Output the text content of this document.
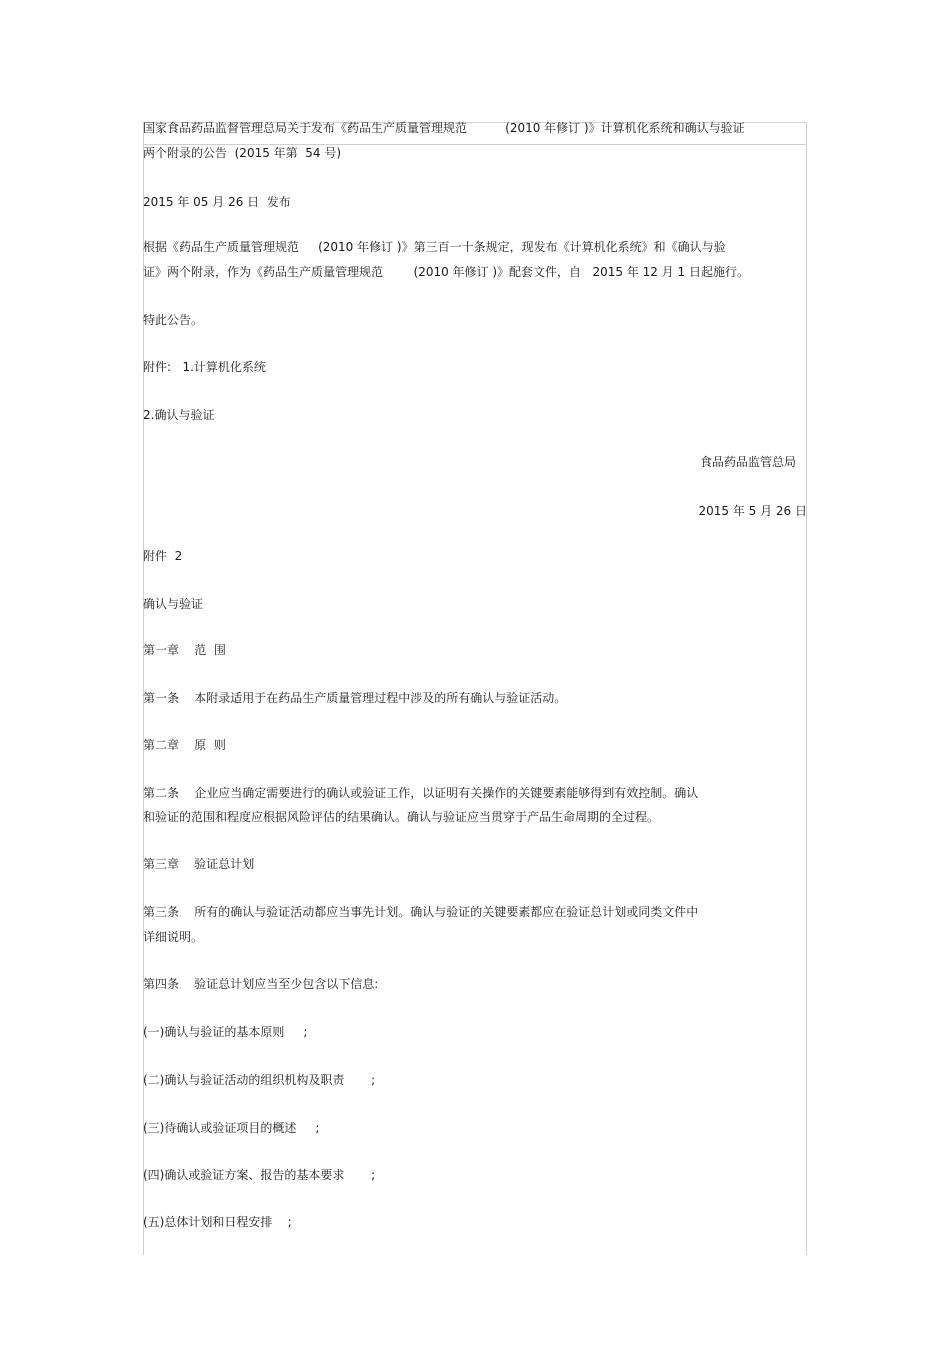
国家食品药品监督管理总局关于发布《药品生产质量管理规范          (2010 年修订 )》计算机化系统和确认与验证
两个附录的公告  (2015 年第  54 号)
2015 年 05 月 26 日  发布
根据《药品生产质量管理规范     (2010 年修订 )》第三百一十条规定，现发布《计算机化系统》和《确认与验
证》两个附录，作为《药品生产质量管理规范        (2010 年修订 )》配套文件，自   2015 年 12 月 1 日起施行。
特此公告。
附件:   1.计算机化系统
2.确认与验证
食品药品监管总局
2015 年 5 月 26 日
附件  2
确认与验证
第一章    范  围
第一条    本附录适用于在药品生产质量管理过程中涉及的所有确认与验证活动。
第二章    原  则
第二条    企业应当确定需要进行的确认或验证工作，以证明有关操作的关键要素能够得到有效控制。确认
和验证的范围和程度应根据风险评估的结果确认。确认与验证应当贯穿于产品生命周期的全过程。
第三章    验证总计划
第三条    所有的确认与验证活动都应当事先计划。确认与验证的关键要素都应在验证总计划或同类文件中
详细说明。
第四条    验证总计划应当至少包含以下信息:
(一)确认与验证的基本原则     ;
(二)确认与验证活动的组织机构及职责       ;
(三)待确认或验证项目的概述     ;
(四)确认或验证方案、报告的基本要求       ;
(五)总体计划和日程安排    ;
